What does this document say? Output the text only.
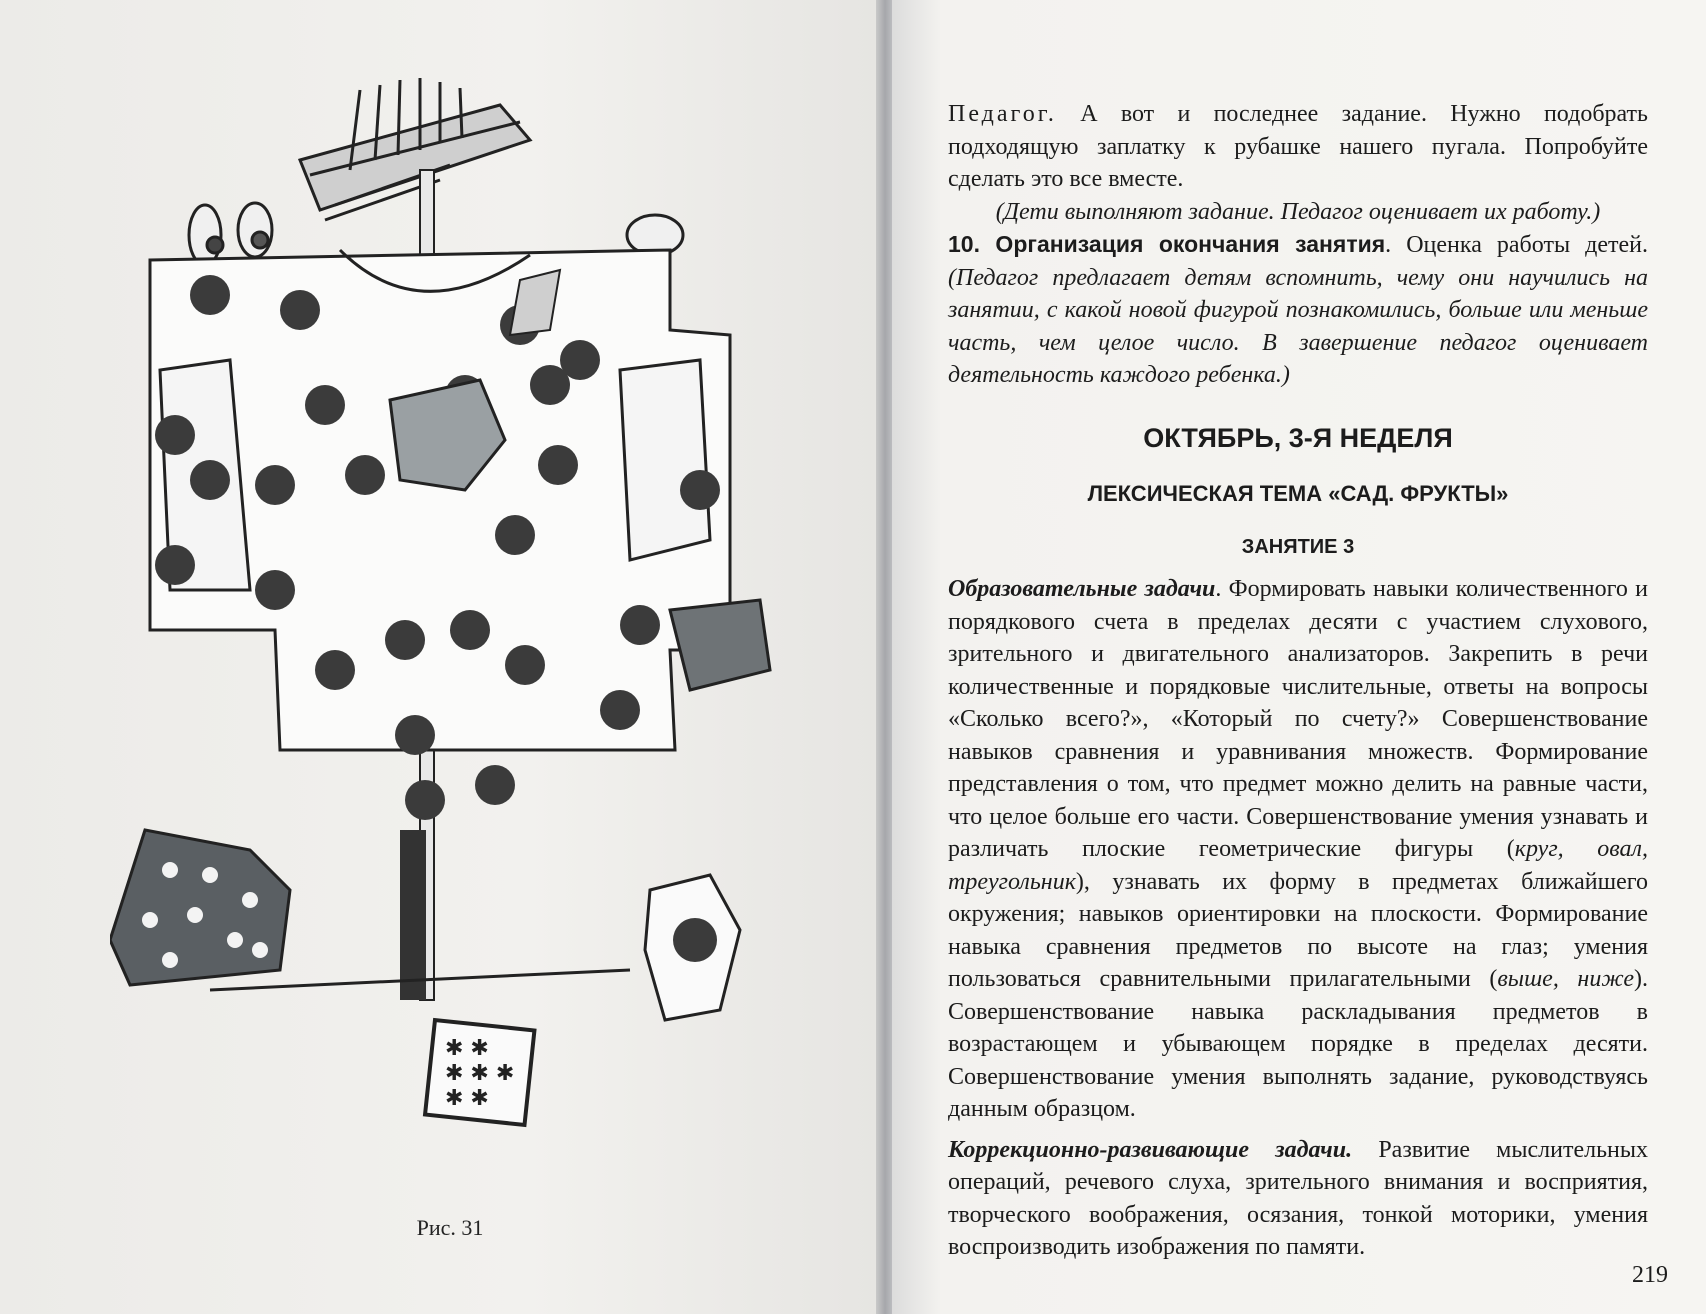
✱ ✱
✱ ✱ ✱
✱ ✱
Рис. 31

Педагог. А вот и последнее задание. Нужно подобрать подходящую заплатку к рубашке нашего пугала. Попробуйте сделать это все вместе.

(Дети выполняют задание. Педагог оценивает их работу.)

10. Организация окончания занятия. Оценка работы детей. (Педагог предлагает детям вспомнить, чему они научились на занятии, с какой новой фигурой познакомились, больше или меньше часть, чем целое число. В завершение педагог оценивает деятельность каждого ребенка.)

ОКТЯБРЬ, 3-Я НЕДЕЛЯ
ЛЕКСИЧЕСКАЯ ТЕМА «САД. ФРУКТЫ»
ЗАНЯТИЕ 3

Образовательные задачи. Формировать навыки количественного и порядкового счета в пределах десяти с участием слухового, зрительного и двигательного анализаторов. Закрепить в речи количественные и порядковые числительные, ответы на вопросы «Сколько всего?», «Который по счету?» Совершенствование навыков сравнения и уравнивания множеств. Формирование представления о том, что предмет можно делить на равные части, что целое больше его части. Совершенствование умения узнавать и различать плоские геометрические фигуры (круг, овал, треугольник), узнавать их форму в предметах ближайшего окружения; навыков ориентировки на плоскости. Формирование навыка сравнения предметов по высоте на глаз; умения пользоваться сравнительными прилагательными (выше, ниже). Совершенствование навыка раскладывания предметов в возрастающем и убывающем порядке в пределах десяти. Совершенствование умения выполнять задание, руководствуясь данным образцом.

Коррекционно-развивающие задачи. Развитие мыслительных операций, речевого слуха, зрительного внимания и восприятия, творческого воображения, осязания, тонкой моторики, умения воспроизводить изображения по памяти.

219
